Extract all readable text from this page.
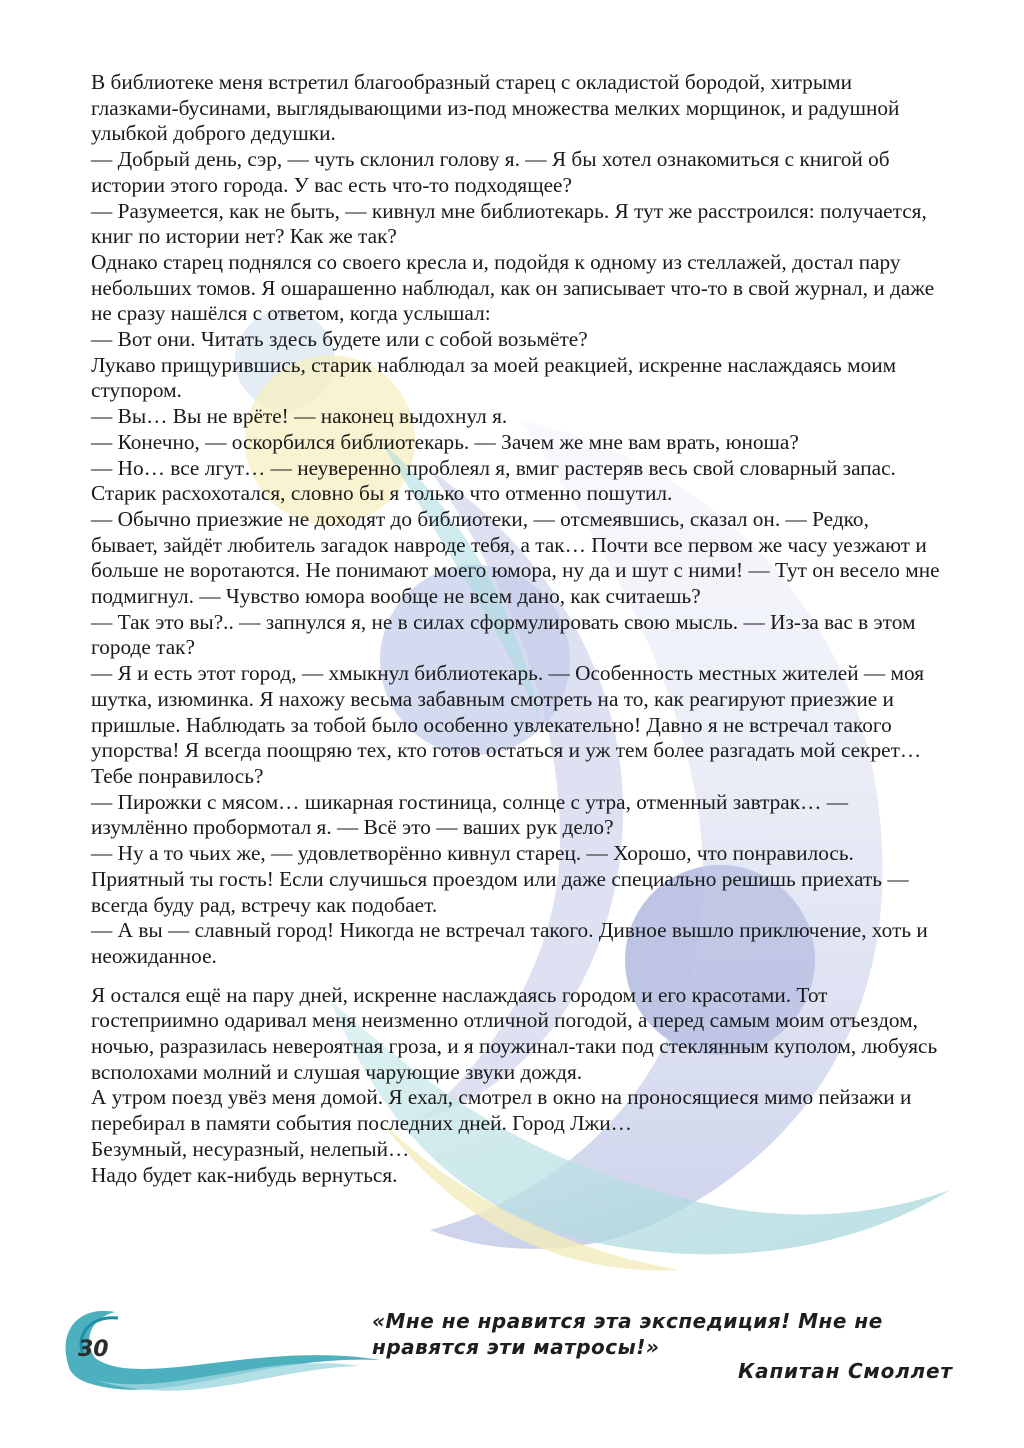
В библиотеке меня встретил благообразный старец с окладистой бородой, хитрыми глазками-бусинами, выглядывающими из-под множества мелких морщинок, и радушной улыбкой доброго дедушки.

— Добрый день, сэр, — чуть склонил голову я. — Я бы хотел ознакомиться с книгой об истории этого города. У вас есть что-то подходящее?

— Разумеется, как не быть, — кивнул мне библиотекарь. Я тут же расстроился: получается, книг по истории нет? Как же так?

Однако старец поднялся со своего кресла и, подойдя к одному из стеллажей, достал пару небольших томов. Я ошарашенно наблюдал, как он записывает что-то в свой журнал, и даже не сразу нашёлся с ответом, когда услышал:

— Вот они. Читать здесь будете или с собой возьмёте?

Лукаво прищурившись, старик наблюдал за моей реакцией, искренне наслаждаясь моим ступором.

— Вы… Вы не врёте! — наконец выдохнул я.

— Конечно, — оскорбился библиотекарь. — Зачем же мне вам врать, юноша?

— Но… все лгут… — неуверенно проблеял я, вмиг растеряв весь свой словарный запас.

Старик расхохотался, словно бы я только что отменно пошутил.

— Обычно приезжие не доходят до библиотеки, — отсмеявшись, сказал он. — Редко, бывает, зайдёт любитель загадок навроде тебя, а так… Почти все первом же часу уезжают и больше не воротаются. Не понимают моего юмора, ну да и шут с ними! — Тут он весело мне подмигнул. — Чувство юмора вообще не всем дано, как считаешь?

— Так это вы?.. — запнулся я, не в силах сформулировать свою мысль. — Из-за вас в этом городе так?

— Я и есть этот город, — хмыкнул библиотекарь. — Особенность местных жителей — моя шутка, изюминка. Я нахожу весьма забавным смотреть на то, как реагируют приезжие и пришлые. Наблюдать за тобой было особенно увлекательно! Давно я не встречал такого упорства! Я всегда поощряю тех, кто готов остаться и уж тем более разгадать мой секрет… Тебе понравилось?

— Пирожки с мясом… шикарная гостиница, солнце с утра, отменный завтрак… — изумлённо пробормотал я. — Всё это — ваших рук дело?

— Ну а то чьих же, — удовлетворённо кивнул старец. — Хорошо, что понравилось. Приятный ты гость! Если случишься проездом или даже специально решишь приехать — всегда буду рад, встречу как подобает.

— А вы — славный город! Никогда не встречал такого. Дивное вышло приключение, хоть и неожиданное.

Я остался ещё на пару дней, искренне наслаждаясь городом и его красотами. Тот гостеприимно одаривал меня неизменно отличной погодой, а перед самым моим отъездом, ночью, разразилась невероятная гроза, и я поужинал-таки под стеклянным куполом, любуясь всполохами молний и слушая чарующие звуки дождя.

А утром поезд увёз меня домой. Я ехал, смотрел в окно на проносящиеся мимо пейзажи и перебирал в памяти события последних дней. Город Лжи…

Безумный, несуразный, нелепый…

Надо будет как-нибудь вернуться.

30
«Мне не нравится эта экспедиция! Мне не
нравятся эти матросы!»
Капитан Смоллет
